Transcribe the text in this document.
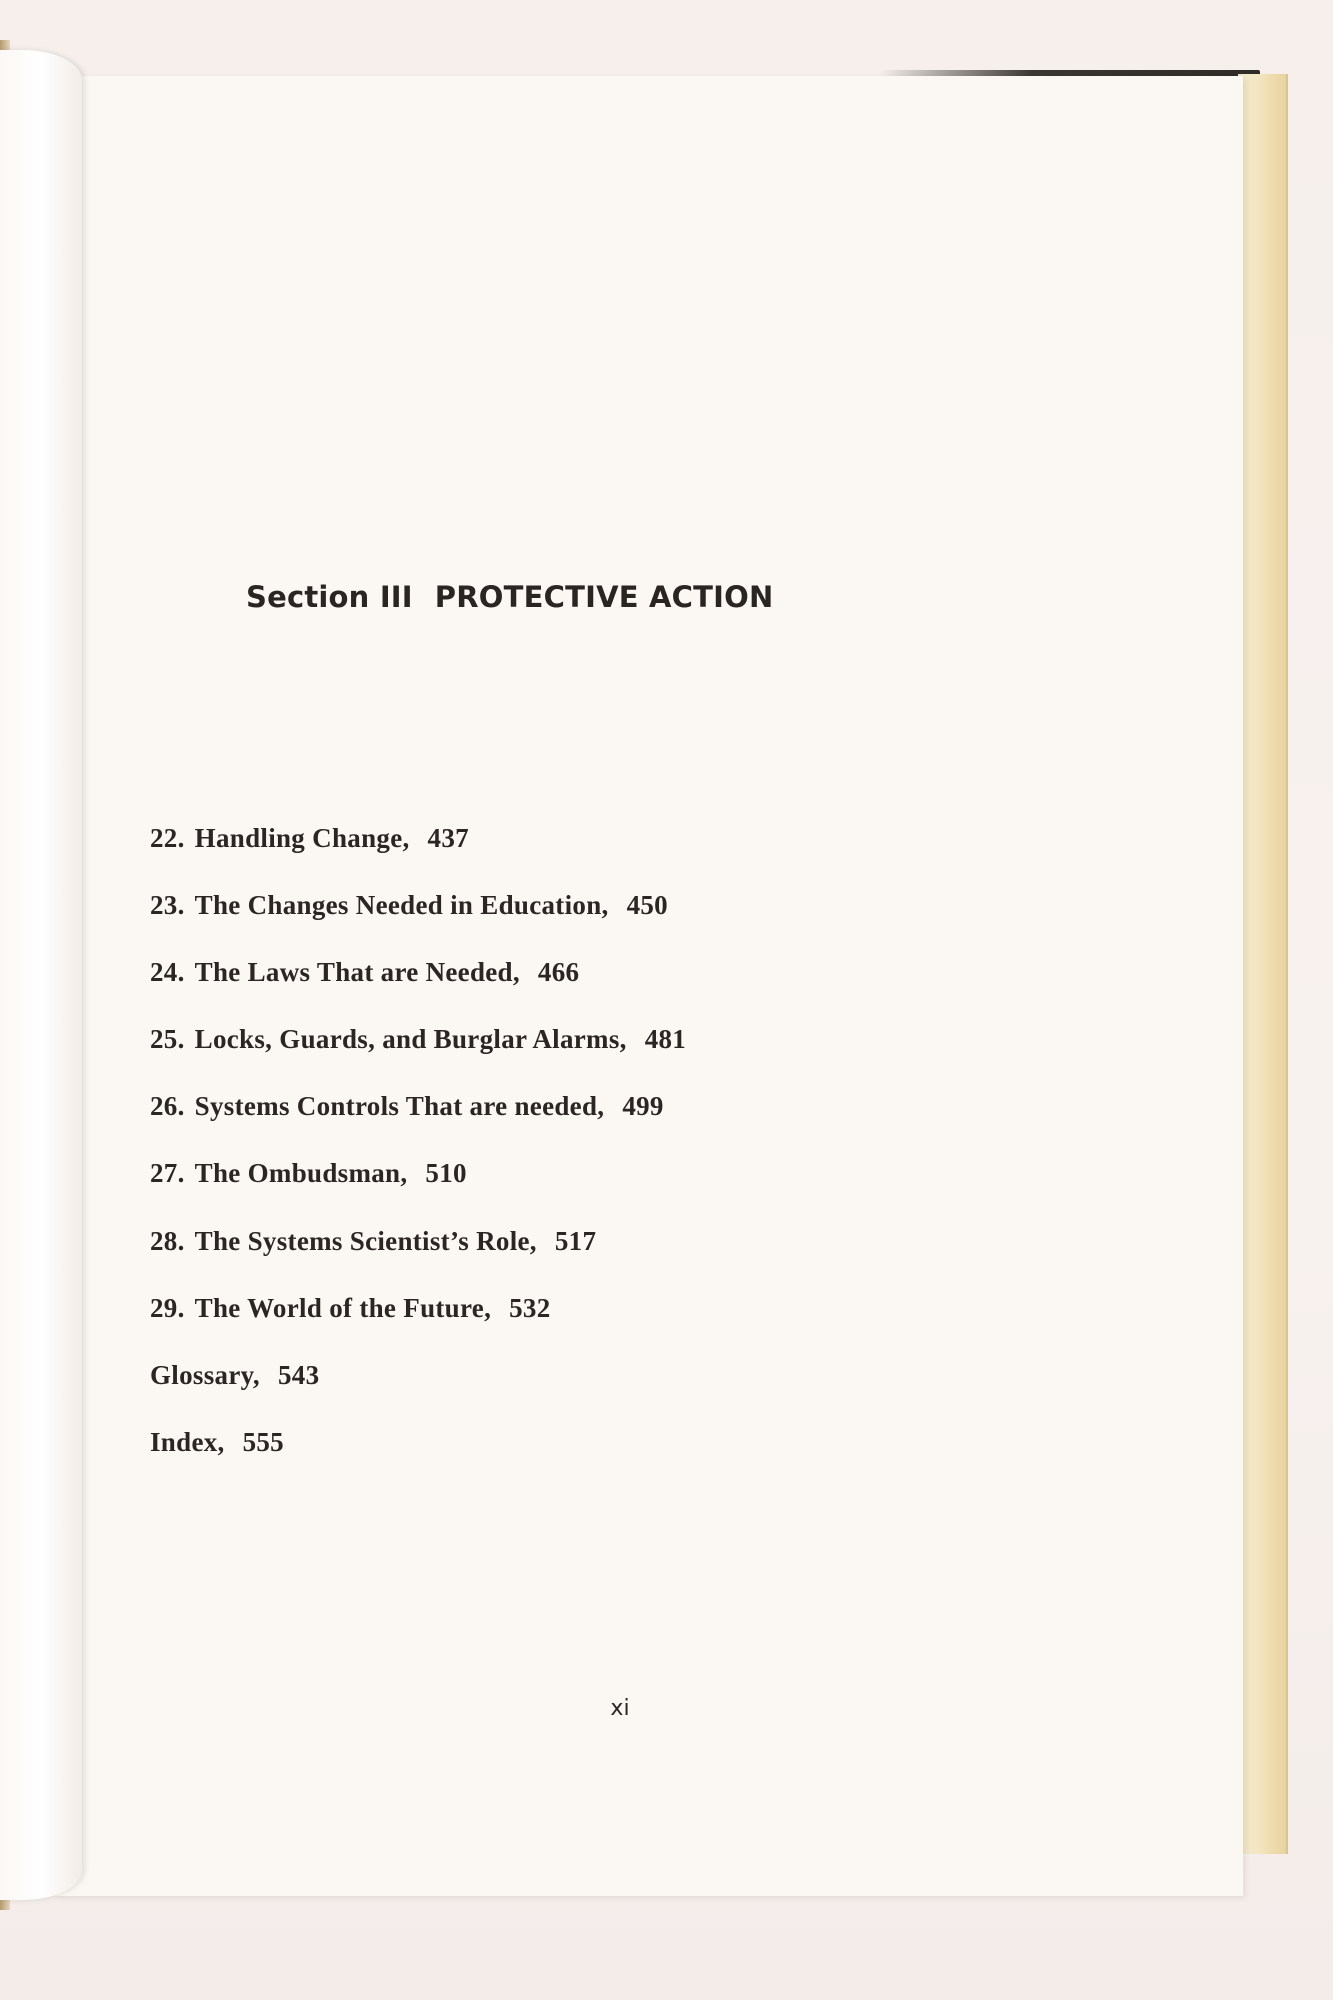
Section III PROTECTIVE ACTION
22. Handling Change, 437
23. The Changes Needed in Education, 450
24. The Laws That are Needed, 466
25. Locks, Guards, and Burglar Alarms, 481
26. Systems Controls That are needed, 499
27. The Ombudsman, 510
28. The Systems Scientist’s Role, 517
29. The World of the Future, 532
Glossary, 543
Index, 555
xi
